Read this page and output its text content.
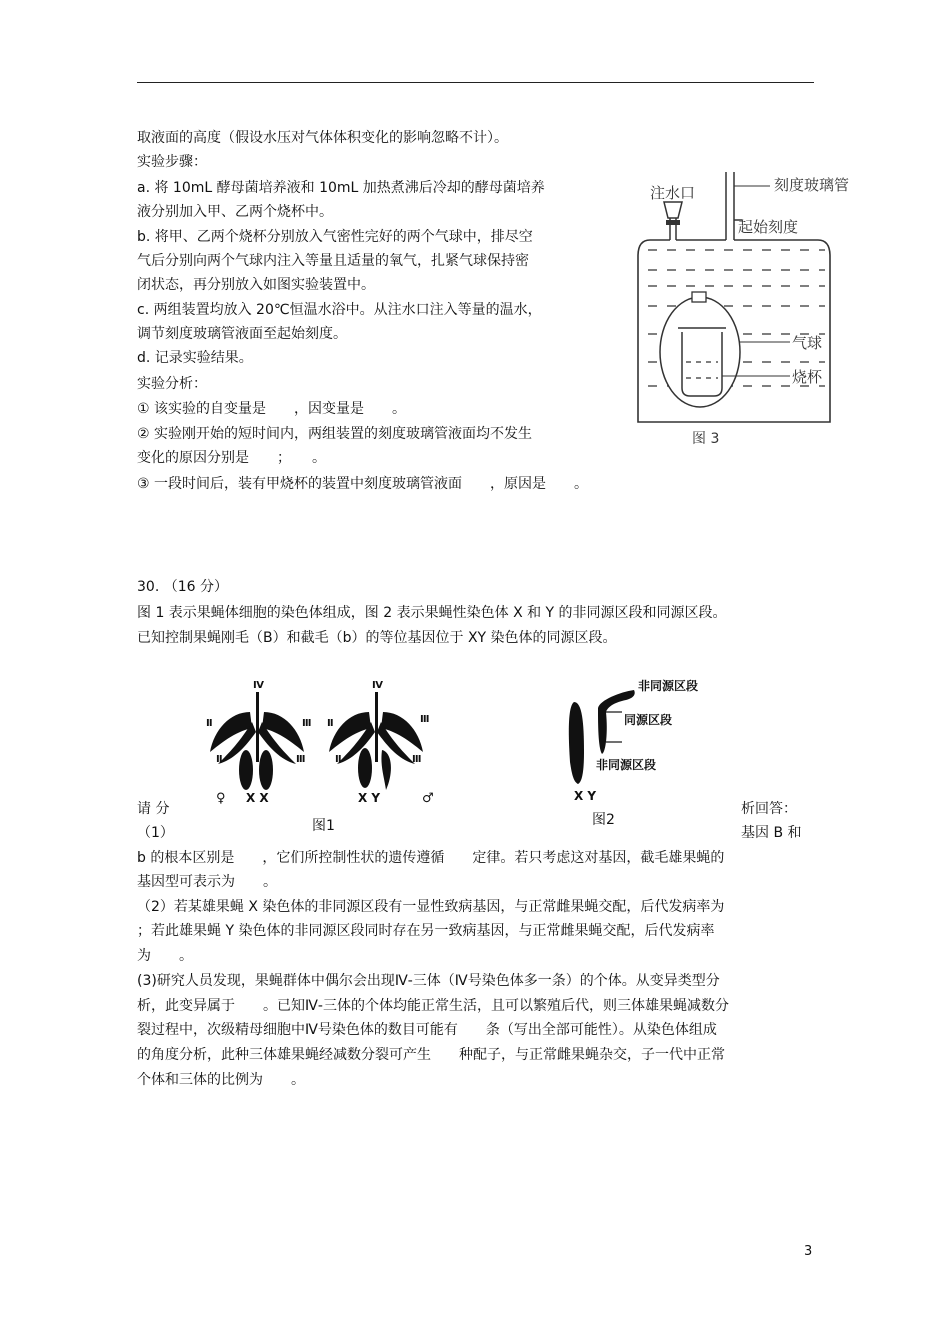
取液面的高度（假设水压对气体体积变化的影响忽略不计）。
实验步骤：
a. 将 10mL 酵母菌培养液和 10mL 加热煮沸后冷却的酵母菌培养
液分别加入甲、乙两个烧杯中。
b. 将甲、乙两个烧杯分别放入气密性完好的两个气球中，排尽空
气后分别向两个气球内注入等量且适量的氧气，扎紧气球保持密
闭状态，再分别放入如图实验装置中。
c. 两组装置均放入 20℃恒温水浴中。从注水口注入等量的温水，
调节刻度玻璃管液面至起始刻度。
d. 记录实验结果。
实验分析：
① 该实验的自变量是　　，因变量是　　。
② 实验刚开始的短时间内，两组装置的刻度玻璃管液面均不发生
变化的原因分别是　　；　　。
③ 一段时间后，装有甲烧杯的装置中刻度玻璃管液面　　，原因是　　。
注水口	刻度玻璃管
起始刻度
气球
烧杯
图 3
30. （16 分）
图 1 表示果蝇体细胞的染色体组成，图 2 表示果蝇性染色体 X 和 Y 的非同源区段和同源区段。
已知控制果蝇刚毛（B）和截毛（b）的等位基因位于 XY 染色体的同源区段。
Ⅳ
Ⅱ	Ⅲ
Ⅱ	Ⅲ
Ⅳ
Ⅱ	Ⅲ
Ⅱ	Ⅲ
♀ X X	X Y	♂
图1
非同源区段
同源区段
非同源区段
X Y
图2
请 分	析回答：
（1）	基因 B 和
b 的根本区别是　　，它们所控制性状的遗传遵循　　定律。若只考虑这对基因，截毛雄果蝇的
基因型可表示为　　。
（2）若某雄果蝇 X 染色体的非同源区段有一显性致病基因，与正常雌果蝇交配，后代发病率为
；若此雄果蝇 Y 染色体的非同源区段同时存在另一致病基因，与正常雌果蝇交配，后代发病率
为　　。
(3)研究人员发现，果蝇群体中偶尔会出现Ⅳ-三体（Ⅳ号染色体多一条）的个体。从变异类型分
析，此变异属于　　。已知Ⅳ-三体的个体均能正常生活，且可以繁殖后代，则三体雄果蝇减数分
裂过程中，次级精母细胞中Ⅳ号染色体的数目可能有　　条（写出全部可能性）。从染色体组成
的角度分析，此种三体雄果蝇经减数分裂可产生　　种配子，与正常雌果蝇杂交，子一代中正常
个体和三体的比例为　　。
3
